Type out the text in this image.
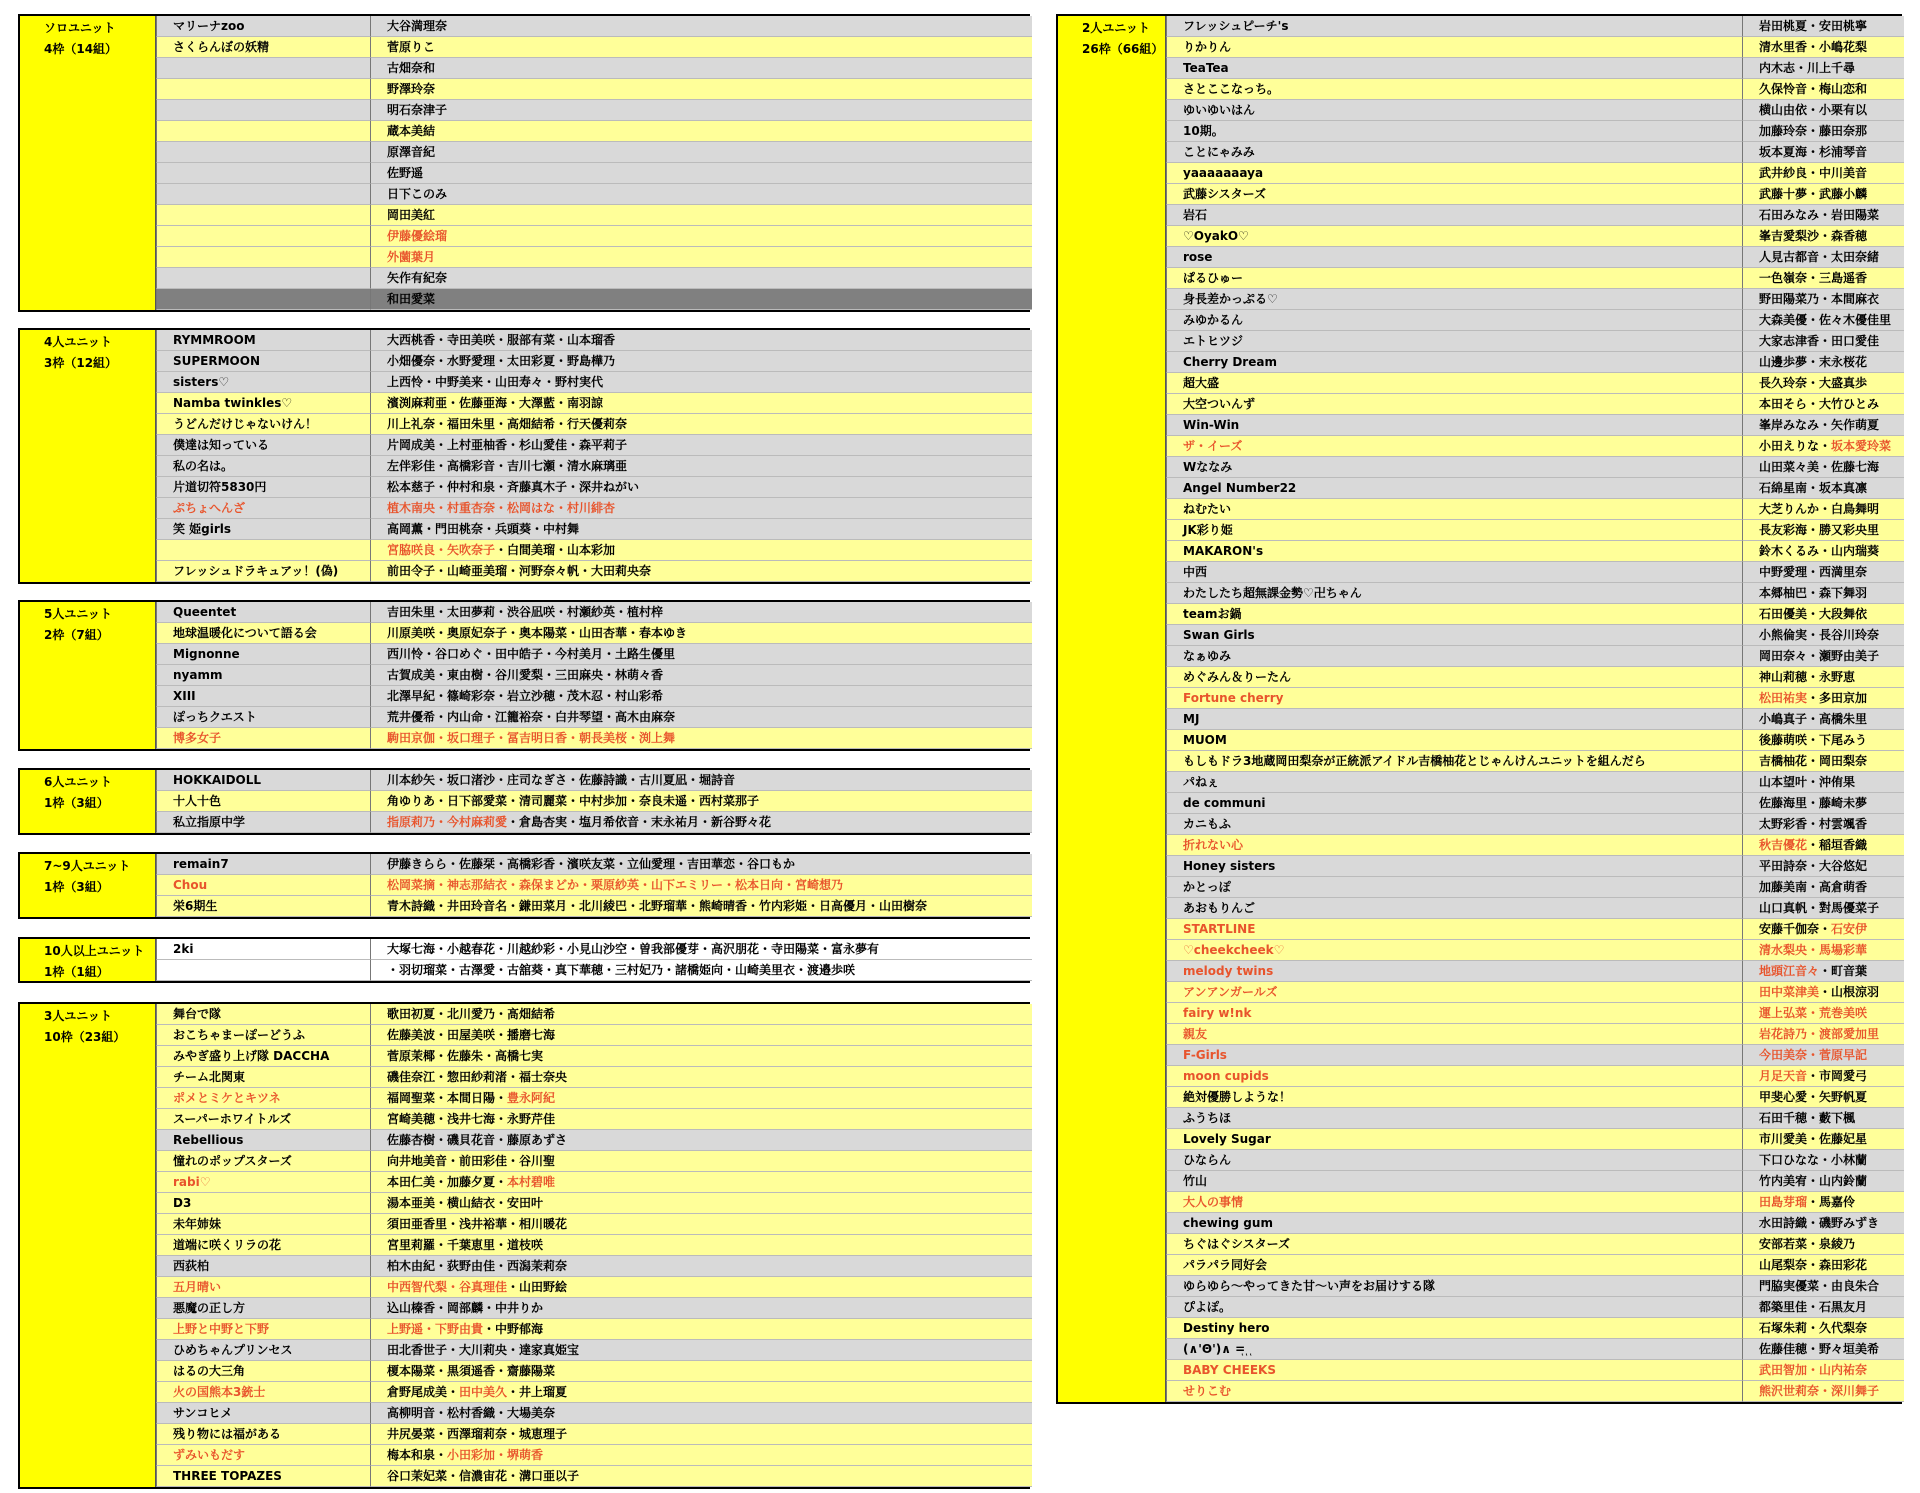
ソロユニット
4枠（14組）
マリーナzoo	大谷満理奈
さくらんぼの妖精	菅原りこ
古畑奈和
野澤玲奈
明石奈津子
蔵本美結
原澤音紀
佐野遥
日下このみ
岡田美紅
伊藤優絵瑠
外薗葉月
矢作有紀奈
和田愛菜
4人ユニット
3枠（12組）
RYMMROOM	大西桃香・寺田美咲・服部有菜・山本瑠香
SUPERMOON	小畑優奈・水野愛理・太田彩夏・野島樺乃
sisters♡	上西怜・中野美来・山田寿々・野村実代
Namba twinkles♡	濱渕麻莉亜・佐藤亜海・大澤藍・南羽諒
うどんだけじゃないけん！	川上礼奈・福田朱里・高畑結希・行天優莉奈
僕達は知っている	片岡成美・上村亜柚香・杉山愛佳・森平莉子
私の名は。	左伴彩佳・高橋彩音・吉川七瀬・清水麻璃亜
片道切符5830円	松本慈子・仲村和泉・斉藤真木子・深井ねがい
ぷちょへんざ	植木南央・村重杏奈・松岡はな・村川緋杏
笑 姫girls	高岡薫・門田桃奈・兵頭葵・中村舞
宮脇咲良・矢吹奈子・白間美瑠・山本彩加
フレッシュドラキュアッ！(偽)	前田令子・山崎亜美瑠・河野奈々帆・大田莉央奈
5人ユニット
2枠（7組）
Queentet	吉田朱里・太田夢莉・渋谷凪咲・村瀬紗英・植村梓
地球温暖化について語る会	川原美咲・奥原妃奈子・奥本陽菜・山田杏華・春本ゆき
Mignonne	西川怜・谷口めぐ・田中皓子・今村美月・土路生優里
nyamm	古賀成美・東由樹・谷川愛梨・三田麻央・林萌々香
XIII	北澤早紀・篠崎彩奈・岩立沙穂・茂木忍・村山彩希
ぽっちクエスト	荒井優希・内山命・江籠裕奈・白井琴望・高木由麻奈
博多女子	駒田京伽・坂口理子・冨吉明日香・朝長美桜・渕上舞
6人ユニット
1枠（3組）
HOKKAIDOLL	川本紗矢・坂口渚沙・庄司なぎさ・佐藤詩識・古川夏凪・堀詩音
十人十色	角ゆりあ・日下部愛菜・清司麗菜・中村歩加・奈良未遥・西村菜那子
私立指原中学	指原莉乃・今村麻莉愛・倉島杏実・塩月希依音・末永祐月・新谷野々花
7~9人ユニット
1枠（3組）
remain7	伊藤きらら・佐藤栞・高橋彩香・濱咲友菜・立仙愛理・吉田華恋・谷口もか
Chou	松岡菜摘・神志那結衣・森保まどか・栗原紗英・山下エミリー・松本日向・宮崎想乃
栄6期生	青木詩織・井田玲音名・鎌田菜月・北川綾巴・北野瑠華・熊崎晴香・竹内彩姫・日高優月・山田樹奈
10人以上ユニット
1枠（1組）
2ki	大塚七海・小越春花・川越紗彩・小見山沙空・曽我部優芽・高沢朋花・寺田陽菜・富永夢有
・羽切瑠菜・古澤愛・古舘葵・真下華穂・三村妃乃・諸橋姫向・山崎美里衣・渡邉歩咲
3人ユニット
10枠（23組）
舞台で隊	歌田初夏・北川愛乃・髙畑結希
おこちゃまーぽーどうふ	佐藤美波・田屋美咲・播磨七海
みやぎ盛り上げ隊 DACCHA	菅原茉椰・佐藤朱・高橋七実
チーム北関東	磯佳奈江・惣田紗莉渚・福士奈央
ポメとミケとキツネ	福岡聖菜・本間日陽・豊永阿紀
スーパーホワイトルズ	宮崎美穂・浅井七海・永野芹佳
Rebellious	佐藤杏樹・磯貝花音・藤原あずさ
憧れのポップスターズ	向井地美音・前田彩佳・谷川聖
rabi♡	本田仁美・加藤夕夏・本村碧唯
D3	湯本亜美・横山結衣・安田叶
未年姉妹	須田亜香里・浅井裕華・相川暖花
道端に咲くリラの花	宮里莉羅・千葉恵里・道枝咲
西荻柏	柏木由紀・荻野由佳・西潟茉莉奈
五月晴い	中西智代梨・谷真理佳・山田野絵
悪魔の正し方	込山榛香・岡部麟・中井りか
上野と中野と下野	上野遥・下野由貴・中野郁海
ひめちゃんプリンセス	田北香世子・大川莉央・達家真姫宝
はるの大三角	榎本陽菜・黒須遥香・齋藤陽菜
火の国熊本3銃士	倉野尾成美・田中美久・井上瑠夏
サンコヒメ	高柳明音・松村香織・大場美奈
残り物には福がある	井尻晏菜・西澤瑠莉奈・城恵理子
ずみいもだす	梅本和泉・小田彩加・堺萌香
THREE TOPAZES	谷口茉妃菜・信濃宙花・溝口亜以子
2人ユニット
26枠（66組）
フレッシュピーチ's	岩田桃夏・安田桃寧
りかりん	清水里香・小嶋花梨
TeaTea	内木志・川上千尋
さとここなっち。	久保怜音・梅山恋和
ゆいゆいはん	横山由依・小栗有以
10期。	加藤玲奈・藤田奈那
ことにゃみみ	坂本夏海・杉浦琴音
yaaaaaaaya	武井紗良・中川美音
武藤シスターズ	武藤十夢・武藤小麟
岩石	石田みなみ・岩田陽菜
♡OyakO♡	峯吉愛梨沙・森香穂
rose	人見古都音・太田奈緒
ぱるひゅー	一色嶺奈・三島遥香
身長差かっぷる♡	野田陽菜乃・本間麻衣
みゆかるん	大森美優・佐々木優佳里
エトヒツジ	大家志津香・田口愛佳
Cherry Dream	山邊歩夢・末永桜花
超大盛	長久玲奈・大盛真歩
大空ついんず	本田そら・大竹ひとみ
Win-Win	峯岸みなみ・矢作萌夏
ザ・イーズ	小田えりな・坂本愛玲菜
Wななみ	山田菜々美・佐藤七海
Angel Number22	石綿星南・坂本真凛
ねむたい	大芝りんか・白鳥舞明
JK彩り姫	長友彩海・勝又彩央里
MAKARON's	鈴木くるみ・山内瑞葵
中西	中野愛理・西満里奈
わたしたち超無課金勢♡卍ちゃん	本郷柚巴・森下舞羽
teamお鍋	石田優美・大段舞依
Swan Girls	小熊倫実・長谷川玲奈
なぁゆみ	岡田奈々・瀬野由美子
めぐみん＆りーたん	神山莉穂・永野恵
Fortune cherry	松田祐実・多田京加
MJ	小嶋真子・高橋朱里
MUOM	後藤萌咲・下尾みう
もしもドラ3地蔵岡田梨奈が正統派アイドル吉橋柚花とじゃんけんユニットを組んだら	吉橋柚花・岡田梨奈
パねぇ	山本望叶・沖侑果
de communi	佐藤海里・藤崎未夢
カニもふ	太野彩香・村雲颯香
折れない心	秋吉優花・稲垣香織
Honey sisters	平田詩奈・大谷悠妃
かとっぽ	加藤美南・高倉萌香
あおもりんご	山口真帆・對馬優菜子
STARTLINE	安藤千伽奈・石安伊
♡cheekcheek♡	清水梨央・馬場彩華
melody twins	地頭江音々・町音葉
アンアンガールズ	田中菜津美・山根涼羽
fairy w!nk	運上弘菜・荒巻美咲
親友	岩花詩乃・渡部愛加里
F-Girls	今田美奈・菅原早記
moon cupids	月足天音・市岡愛弓
絶対優勝しような！	甲斐心愛・矢野帆夏
ふうちほ	石田千穂・藪下楓
Lovely Sugar	市川愛美・佐藤妃星
ひならん	下口ひなな・小林蘭
竹山	竹内美宥・山内鈴蘭
大人の事情	田島芽瑠・馬嘉伶
chewing gum	水田詩織・磯野みずき
ちぐはぐシスターズ	安部若菜・泉綾乃
パラパラ同好会	山尾梨奈・森田彩花
ゆらゆら〜やってきた甘〜い声をお届けする隊	門脇実優菜・由良朱合
ぴよぽ。	都築里佳・石黒友月
Destiny hero	石塚朱莉・久代梨奈
(∧'Θ')∧ =ͅ ͅ ͅ	佐藤佳穂・野々垣美希
BABY CHEEKS	武田智加・山内祐奈
せりこむ	熊沢世莉奈・深川舞子
